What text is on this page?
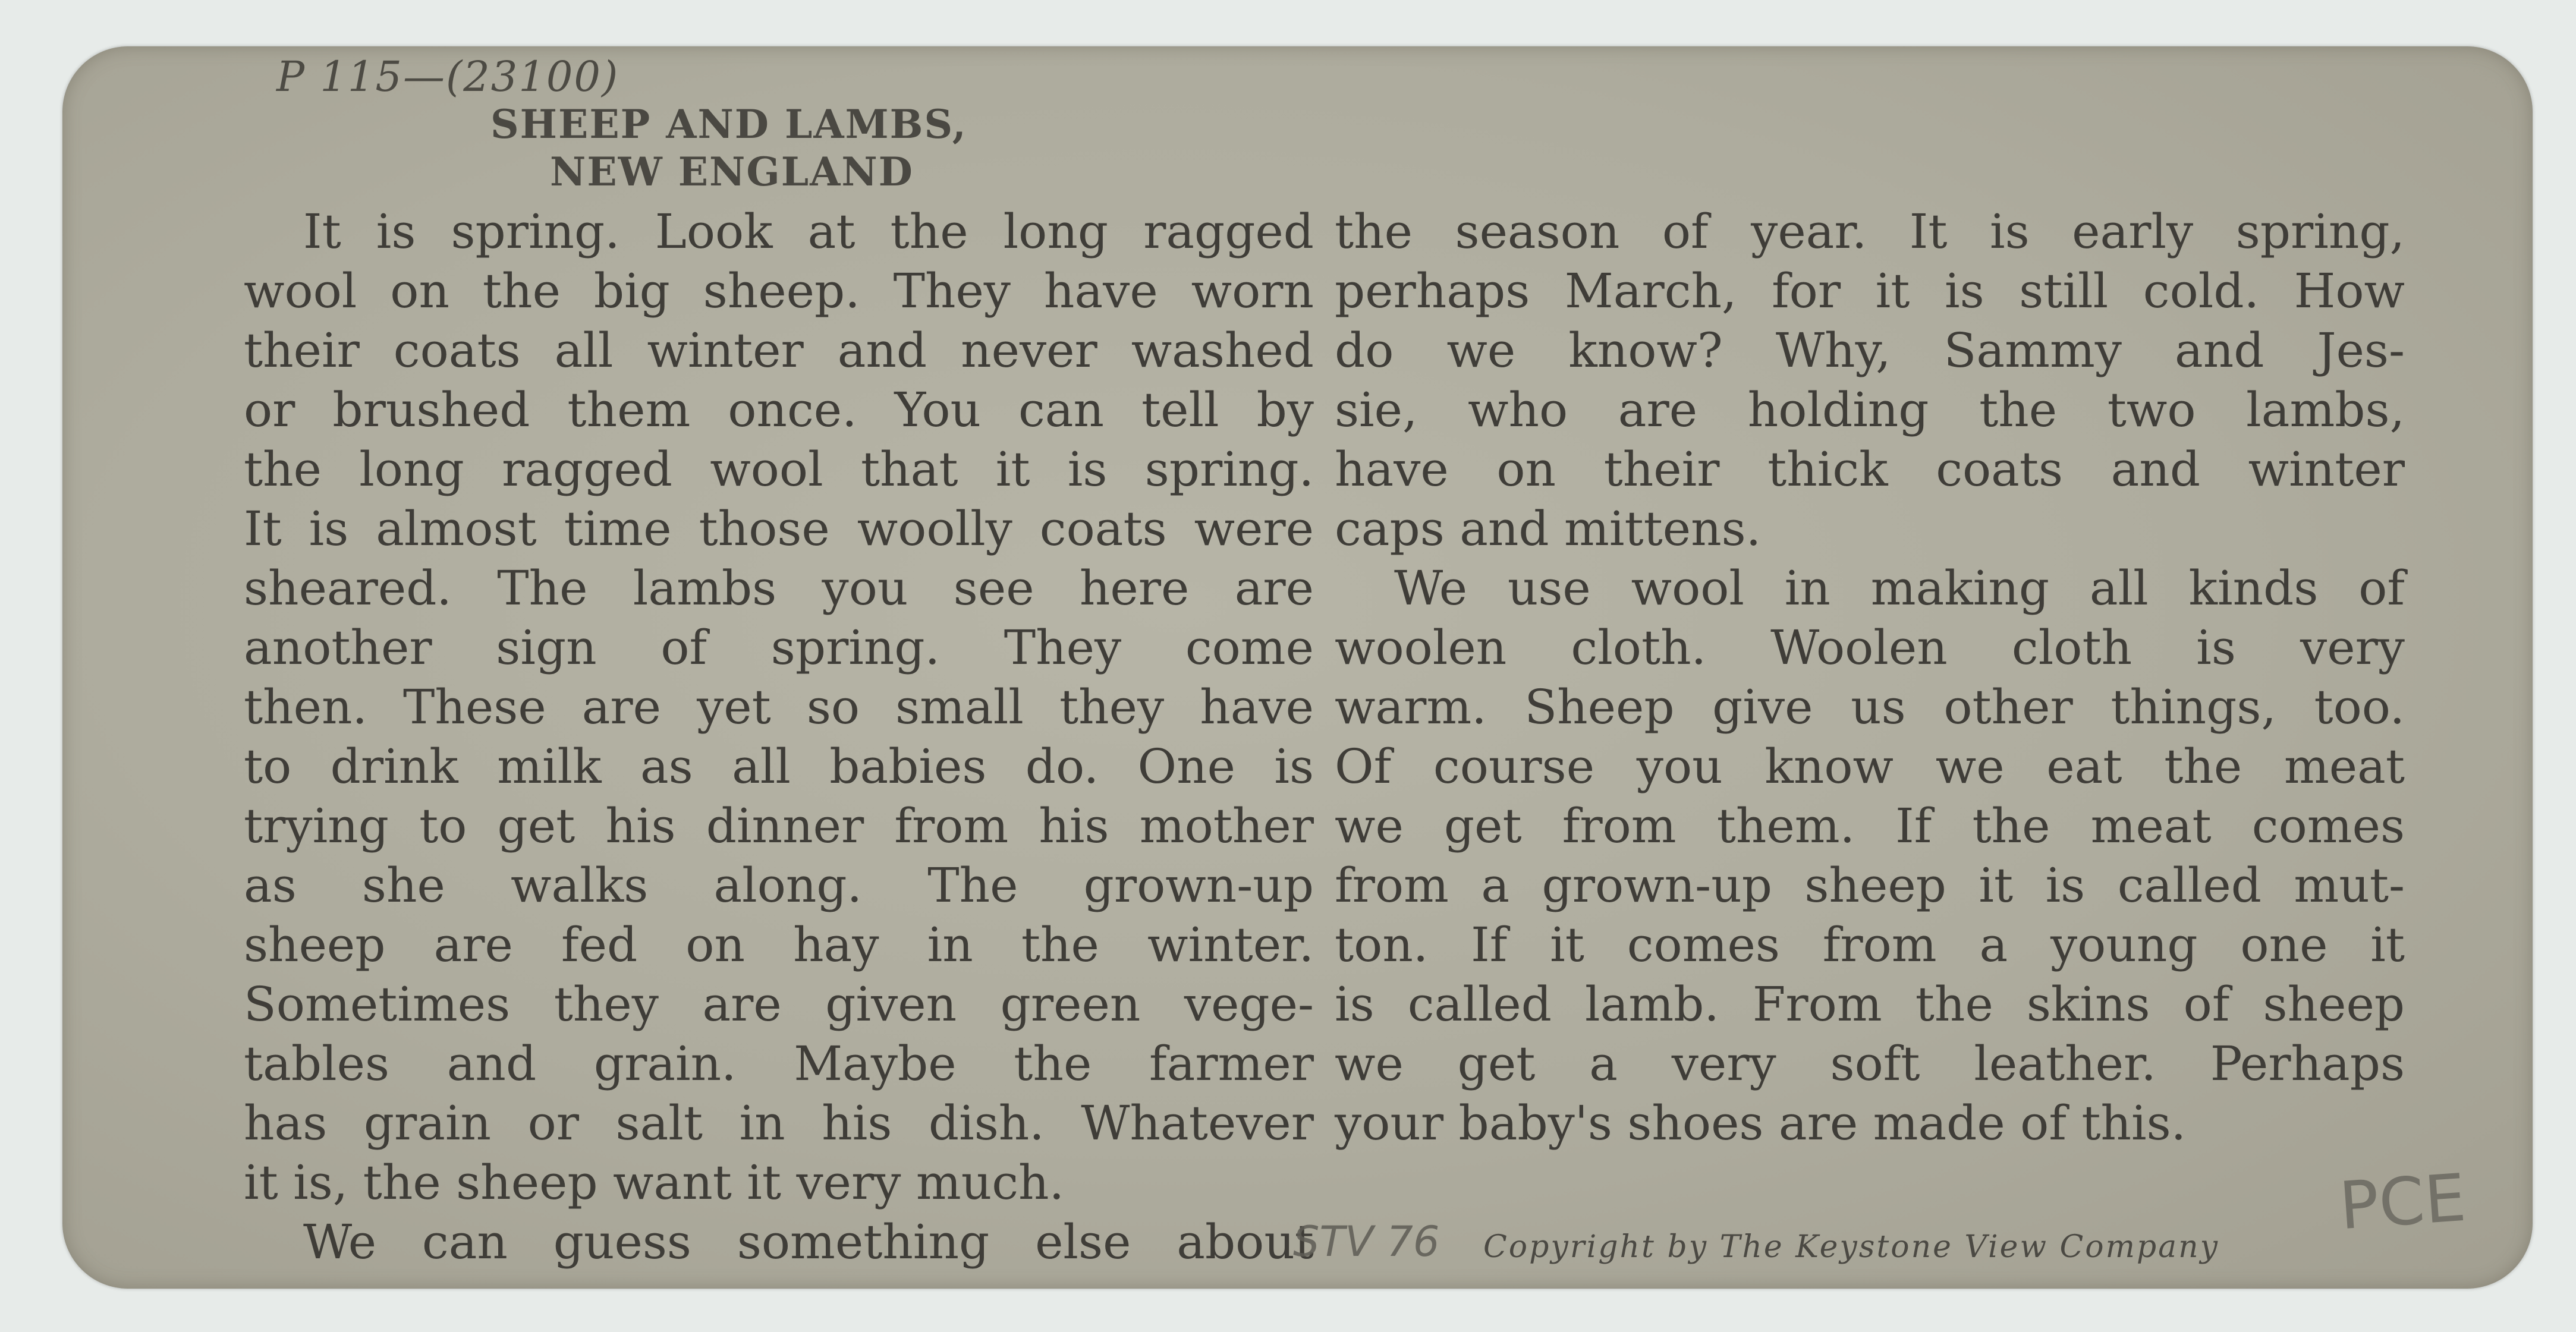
P 115—(23100)
SHEEP AND LAMBS,
NEW ENGLAND
It is spring. Look at the long ragged
wool on the big sheep. They have worn
their coats all winter and never washed
or brushed them once. You can tell by
the long ragged wool that it is spring.
It is almost time those woolly coats were
sheared. The lambs you see here are
another sign of spring. They come
then. These are yet so small they have
to drink milk as all babies do. One is
trying to get his dinner from his mother
as she walks along. The grown-up
sheep are fed on hay in the winter.
Sometimes they are given green vege-
tables and grain. Maybe the farmer
has grain or salt in his dish. Whatever
it is, the sheep want it very much.
We can guess something else about
the season of year. It is early spring,
perhaps March, for it is still cold. How
do we know? Why, Sammy and Jes-
sie, who are holding the two lambs,
have on their thick coats and winter
caps and mittens.
We use wool in making all kinds of
woolen cloth. Woolen cloth is very
warm. Sheep give us other things, too.
Of course you know we eat the meat
we get from them. If the meat comes
from a grown-up sheep it is called mut-
ton. If it comes from a young one it
is called lamb. From the skins of sheep
we get a very soft leather. Perhaps
your baby's shoes are made of this.
STV 76 Copyright by The Keystone View Company
PCE
